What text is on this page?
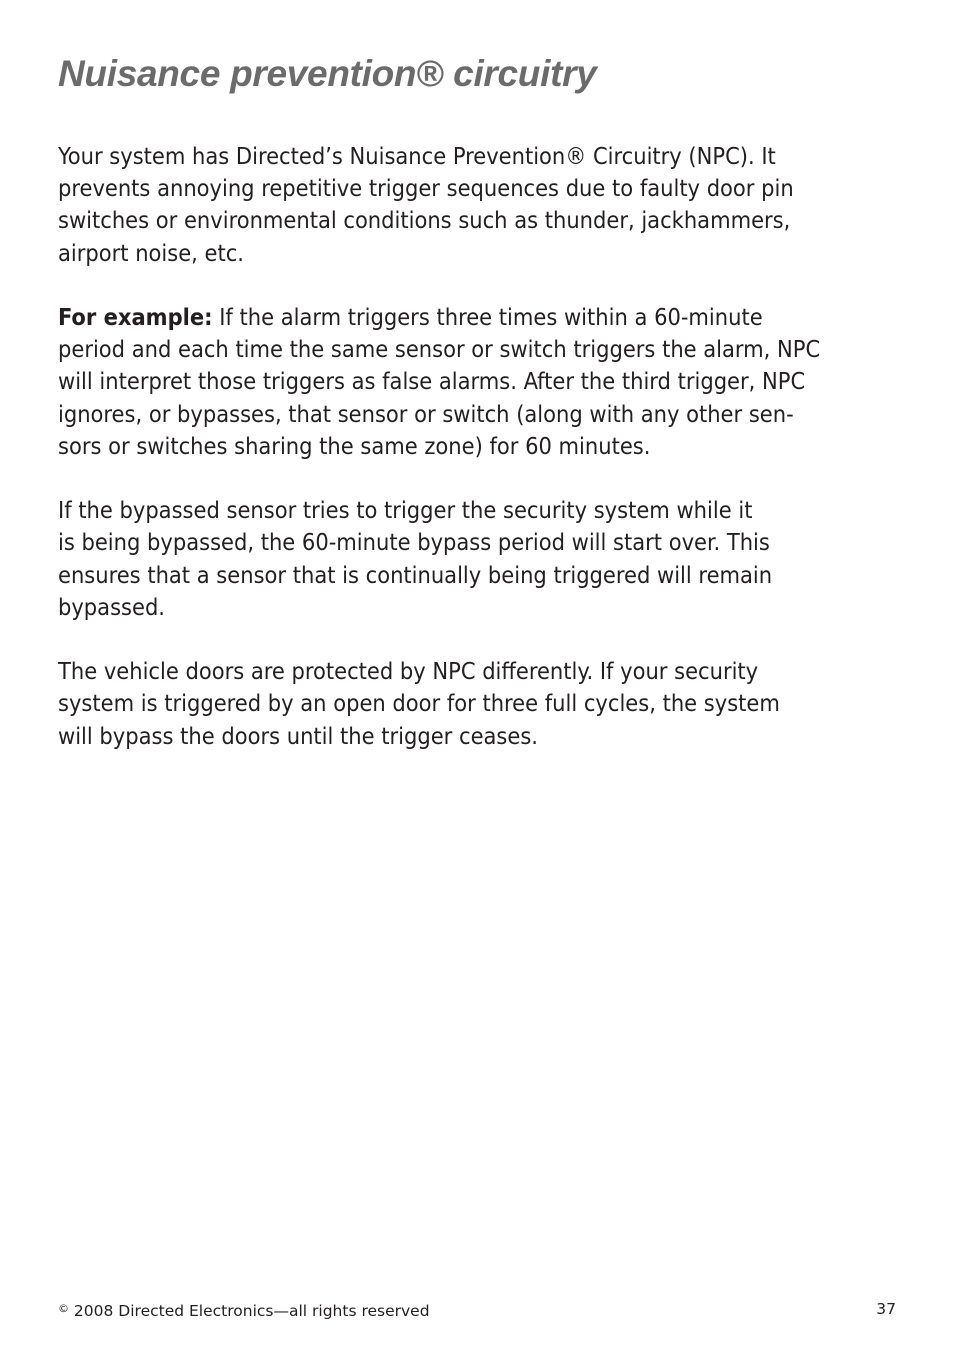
Nuisance prevention® circuitry

Your system has Directed’s Nuisance Prevention® Circuitry (NPC). It
prevents annoying repetitive trigger sequences due to faulty door pin
switches or environmental conditions such as thunder, jackhammers,
airport noise, etc.

For example: If the alarm triggers three times within a 60-minute
period and each time the same sensor or switch triggers the alarm, NPC
will interpret those triggers as false alarms. After the third trigger, NPC
ignores, or bypasses, that sensor or switch (along with any other sen-
sors or switches sharing the same zone) for 60 minutes.

If the bypassed sensor tries to trigger the security system while it
is being bypassed, the 60-minute bypass period will start over. This
ensures that a sensor that is continually being triggered will remain
bypassed.

The vehicle doors are protected by NPC differently. If your security
system is triggered by an open door for three full cycles, the system
will bypass the doors until the trigger ceases.

© 2008 Directed Electronics—all rights reserved	37
